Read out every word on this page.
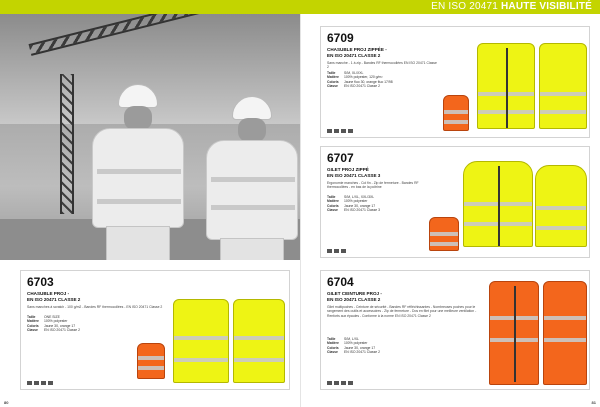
EN ISO 20471 HAUTE VISIBILITÉ
6709
CHASUBLE PROJ ZIPPÉE -
EN ISO 20471 CLASSE 2
Sans manche - 1 à zip - Bandes RF thermocollées EN ISO 20471 Classe 2
Taille	S/M, XL/XXL
Matière	100% polyester, 120 g/m²
Coloris	Jaune fluo 30, orange fluo 17/98
Classe	EN ISO 20471 Classe 2
6707
GILET PROJ ZIPPÉ
EN ISO 20471 CLASSE 3
Ergonomie manches - Col fin - Zip de fermeture - Bandes RF thermocollées - en bas de la poitrine
Taille	S/M, L/XL, XXL/3XL
Matière	100% polyester
Coloris	Jaune 30, orange 17
Classe	EN ISO 20471 Classe 3
6703
CHASUBLE PROJ -
EN ISO 20471 CLASSE 2
Sans manches à scratch - 100 g/m2 - Bandes RF thermocollées - EN ISO 20471 Classe 2
Taille	ONE SIZE
Matière	100% polyester
Coloris	Jaune 30, orange 17
Classe	EN ISO 20471 Classe 2
6704
GILET CEINTURE PROJ -
EN ISO 20471 CLASSE 2
Gilet multipoches - Ceinture de sécurité - Bandes RF réfléchissantes - Nombreuses poches pour le rangement des outils et accessoires - Zip de fermeture - Dos en filet pour une meilleure ventilation - Renforts aux épaules - Conforme à la norme EN ISO 20471 Classe 2
Taille	S/M, L/XL
Matière	100% polyester
Coloris	Jaune 30, orange 17
Classe	EN ISO 20471 Classe 2
80	81
